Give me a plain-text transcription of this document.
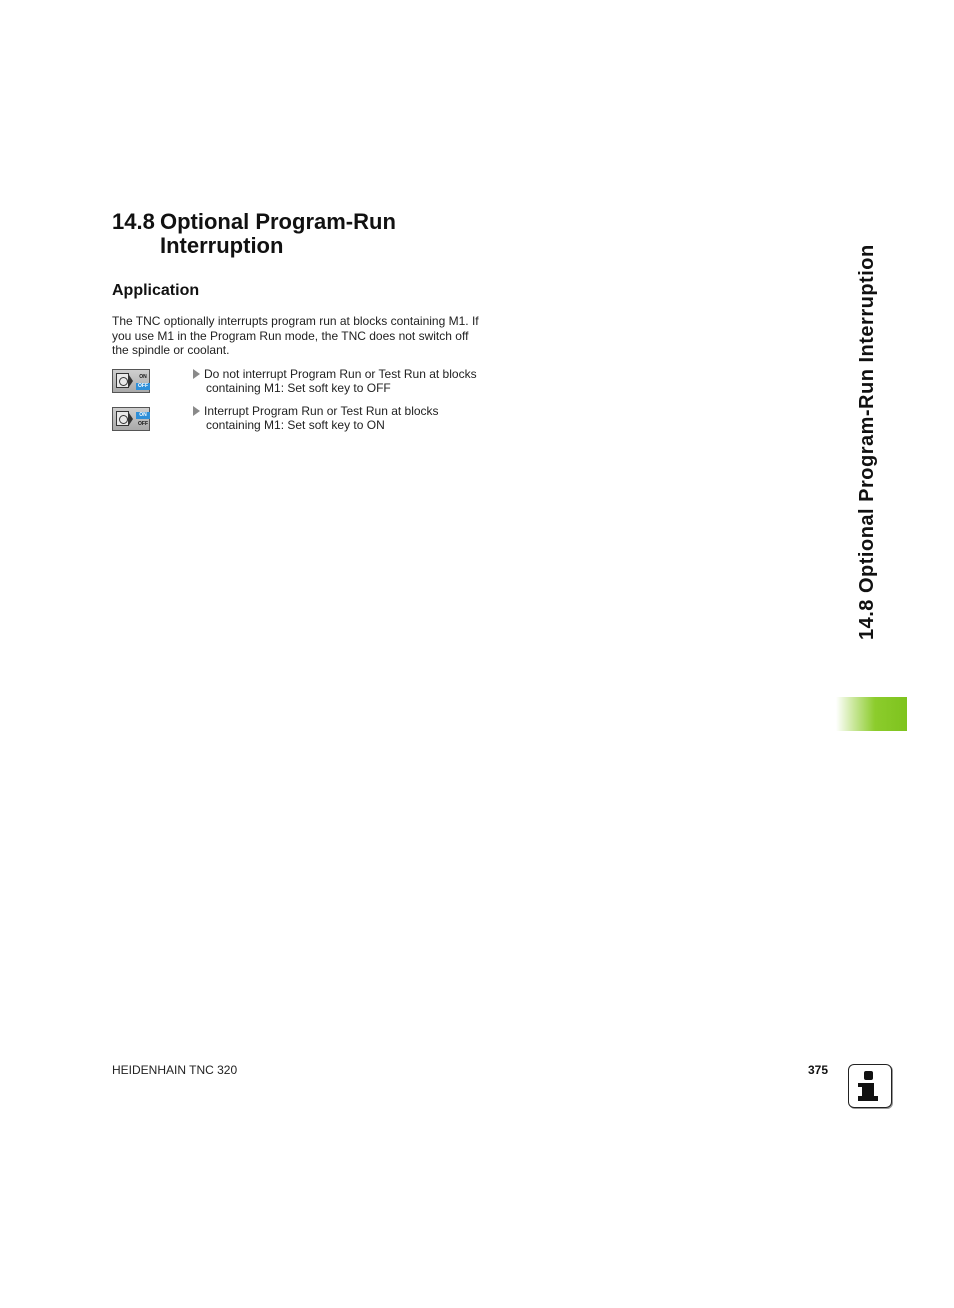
14.8 Optional Program-Run
Interruption
Application

The TNC optionally interrupts program run at blocks containing M1. If
you use M1 in the Program Run mode, the TNC does not switch off
the spindle or coolant.

ON
OFF

Do not interrupt Program Run or Test Run at blocks
containing M1: Set soft key to OFF

ON
OFF

Interrupt Program Run or Test Run at blocks
containing M1: Set soft key to ON	14.8 Optional Program-Run Interruption

HEIDENHAIN TNC 320	375
